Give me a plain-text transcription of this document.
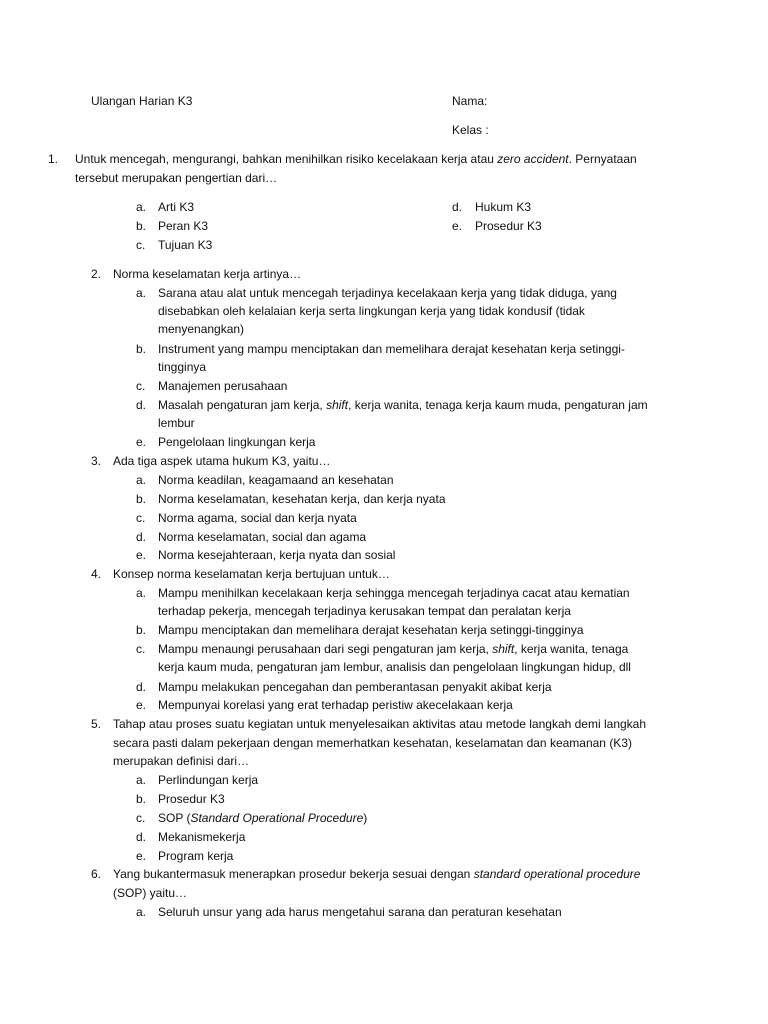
Ulangan Harian K3	Nama:
Kelas :
1. Untuk mencegah, mengurangi, bahkan menihilkan risiko kecelakaan kerja atau zero accident. Pernyataan
tersebut merupakan pengertian dari…
a. Arti K3
b. Peran K3
c. Tujuan K3
d. Hukum K3
e. Prosedur K3
2. Norma keselamatan kerja artinya…
a. Sarana atau alat untuk mencegah terjadinya kecelakaan kerja yang tidak diduga, yang
disebabkan oleh kelalaian kerja serta lingkungan kerja yang tidak kondusif (tidak
menyenangkan)
b. Instrument yang mampu menciptakan dan memelihara derajat kesehatan kerja setinggi-
tingginya
c. Manajemen perusahaan
d. Masalah pengaturan jam kerja, shift, kerja wanita, tenaga kerja kaum muda, pengaturan jam
lembur
e. Pengelolaan lingkungan kerja
3. Ada tiga aspek utama hukum K3, yaitu…
a. Norma keadilan, keagamaand an kesehatan
b. Norma keselamatan, kesehatan kerja, dan kerja nyata
c. Norma agama, social dan kerja nyata
d. Norma keselamatan, social dan agama
e. Norma kesejahteraan, kerja nyata dan sosial
4. Konsep norma keselamatan kerja bertujuan untuk…
a. Mampu menihilkan kecelakaan kerja sehingga mencegah terjadinya cacat atau kematian
terhadap pekerja, mencegah terjadinya kerusakan tempat dan peralatan kerja
b. Mampu menciptakan dan memelihara derajat kesehatan kerja setinggi-tingginya
c. Mampu menaungi perusahaan dari segi pengaturan jam kerja, shift, kerja wanita, tenaga
kerja kaum muda, pengaturan jam lembur, analisis dan pengelolaan lingkungan hidup, dll
d. Mampu melakukan pencegahan dan pemberantasan penyakit akibat kerja
e. Mempunyai korelasi yang erat terhadap peristiw akecelakaan kerja
5. Tahap atau proses suatu kegiatan untuk menyelesaikan aktivitas atau metode langkah demi langkah
secara pasti dalam pekerjaan dengan memerhatkan kesehatan, keselamatan dan keamanan (K3)
merupakan definisi dari…
a. Perlindungan kerja
b. Prosedur K3
c. SOP (Standard Operational Procedure)
d. Mekanismekerja
e. Program kerja
6. Yang bukantermasuk menerapkan prosedur bekerja sesuai dengan standard operational procedure
(SOP) yaitu…
a. Seluruh unsur yang ada harus mengetahui sarana dan peraturan kesehatan
